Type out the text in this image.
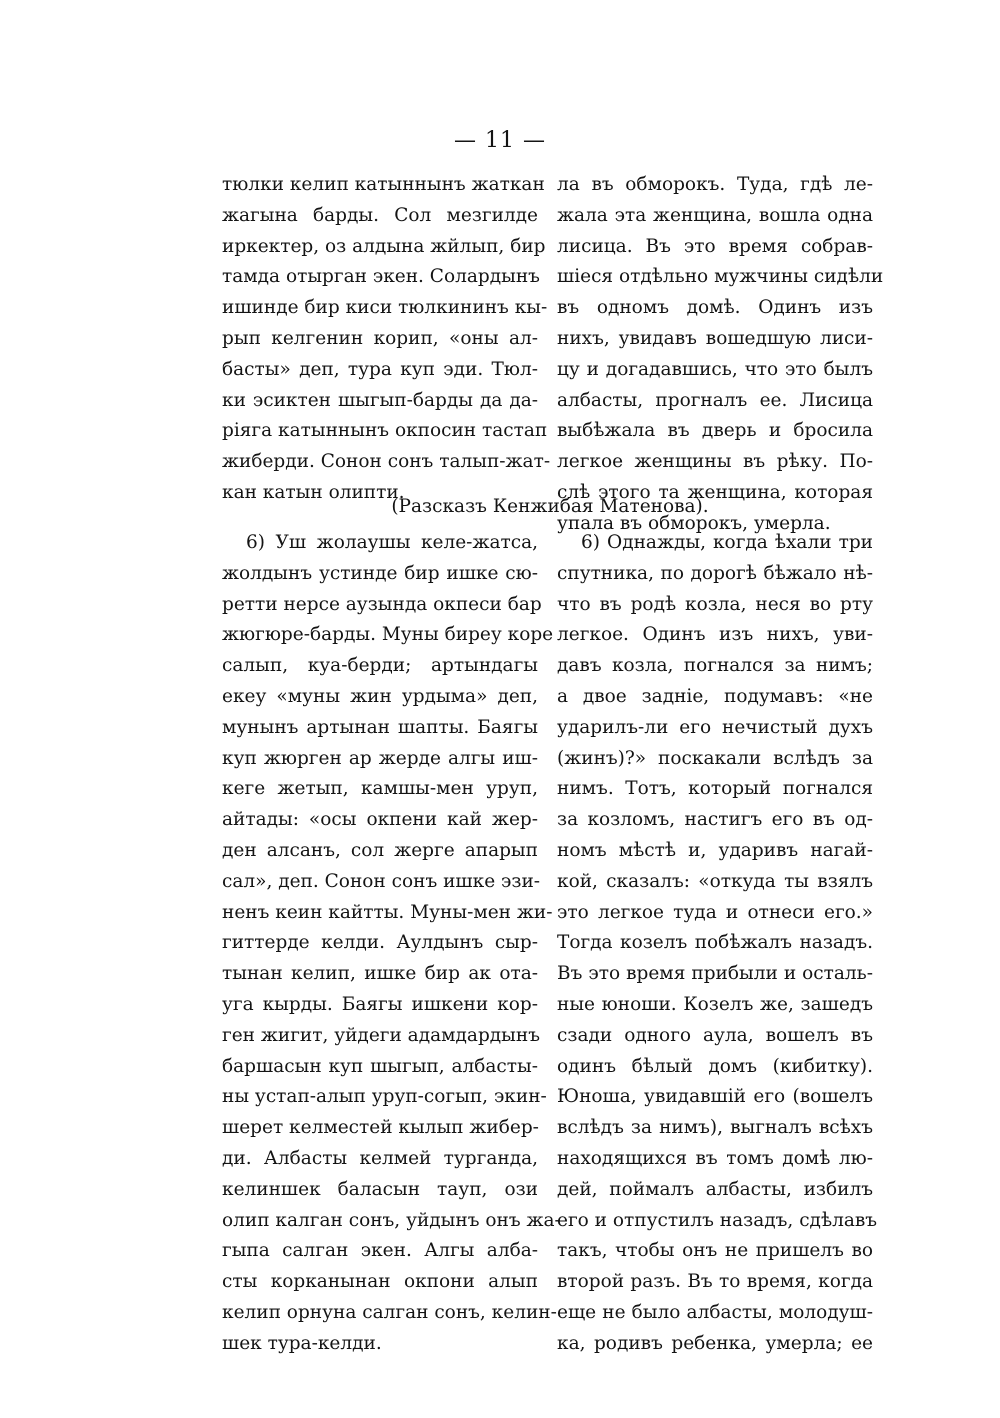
— 11 —
тюлки келип катыннынъ жаткан
жагына барды. Сол мезгилде
иркектер, оз алдына жйлып, бир
тамда отырган экен. Солардынъ
ишинде бир киси тюлкининъ кы-
рып келгенин корип, «оны ал-
басты» деп, тура куп эди. Тюл-
ки эсиктен шыгып-барды да да-
ріяга катыннынъ окпосин тастап
жиберди. Сонон сонъ талып-жат-
кан катын олипти.
ла въ обморокъ. Туда, гдѣ ле-
жала эта женщина, вошла одна
лисица. Въ это время собрав-
шіеся отдѣльно мужчины сидѣли
въ одномъ домѣ. Одинъ изъ
нихъ, увидавъ вошедшую лиси-
цу и догадавшись, что это былъ
албасты, прогналъ ее. Лисица
выбѣжала въ дверь и бросила
легкое женщины въ рѣку. По-
слѣ этого та женщина, которая
упала въ обморокъ, умерла.
(Разсказъ Кенжибая Матенова).
6) Уш жолаушы келе-жатса,
жолдынъ устинде бир ишке сю-
ретти нерсе аузында окпеси бар
жюгюре-барды. Муны биреу коре
салып, куа-берди; артындагы
екеу «муны жин урдыма» деп,
мунынъ артынан шапты. Баягы
куп жюрген ар жерде алгы иш-
кеге жетып, камшы-мен уруп,
айтады: «осы окпени кай жер-
ден алсанъ, сол жерге апарып
сал», деп. Сонон сонъ ишке эзи-
ненъ кеин кайтты. Муны-мен жи-
гиттерде келди. Аулдынъ сыр-
тынан келип, ишке бир ак ота-
уга кырды. Баягы ишкени кор-
ген жигит, уйдеги адамдардынъ
баршасын куп шыгып, албасты-
ны устап-алып уруп-согып, экин-
шерет келместей кылып жибер-
ди. Албасты келмей турганда,
келиншек баласын тауп, ози
олип калган сонъ, уйдынъ онъ жа-
гыпа салган экен. Алгы албa-
сты корканынан окпони алып
келип орнуна салган сонъ, келин-
шек тура-келди.
6) Однажды, когда ѣхали три
спутника, по дорогѣ бѣжало нѣ-
что въ родѣ козла, неся во рту
легкое. Одинъ изъ нихъ, уви-
давъ козла, погнался за нимъ;
а двое задніе, подумавъ: «не
ударилъ-ли его нечистый духъ
(жинъ)?» поскакали вслѣдъ за
нимъ. Тотъ, который погнался
за козломъ, настигъ его въ од-
номъ мѣстѣ и, ударивъ нагай-
кой, сказалъ: «откуда ты взялъ
это легкое туда и отнеси его.»
Тогда козелъ побѣжалъ назадъ.
Въ это время прибыли и осталь-
ные юноши. Козелъ же, зашедъ
сзади одного аула, вошелъ въ
одинъ бѣлый домъ (кибитку).
Юноша, увидавшій его (вошелъ
вслѣдъ за нимъ), выгналъ всѣхъ
находящихся въ томъ домѣ лю-
дей, поймалъ албасты, избилъ
его и отпустилъ назадъ, сдѣлавъ
такъ, чтобы онъ не пришелъ во
второй разъ. Въ то время, когда
еще не было албасты, молодуш-
ка, родивъ ребенка, умерла; ее
